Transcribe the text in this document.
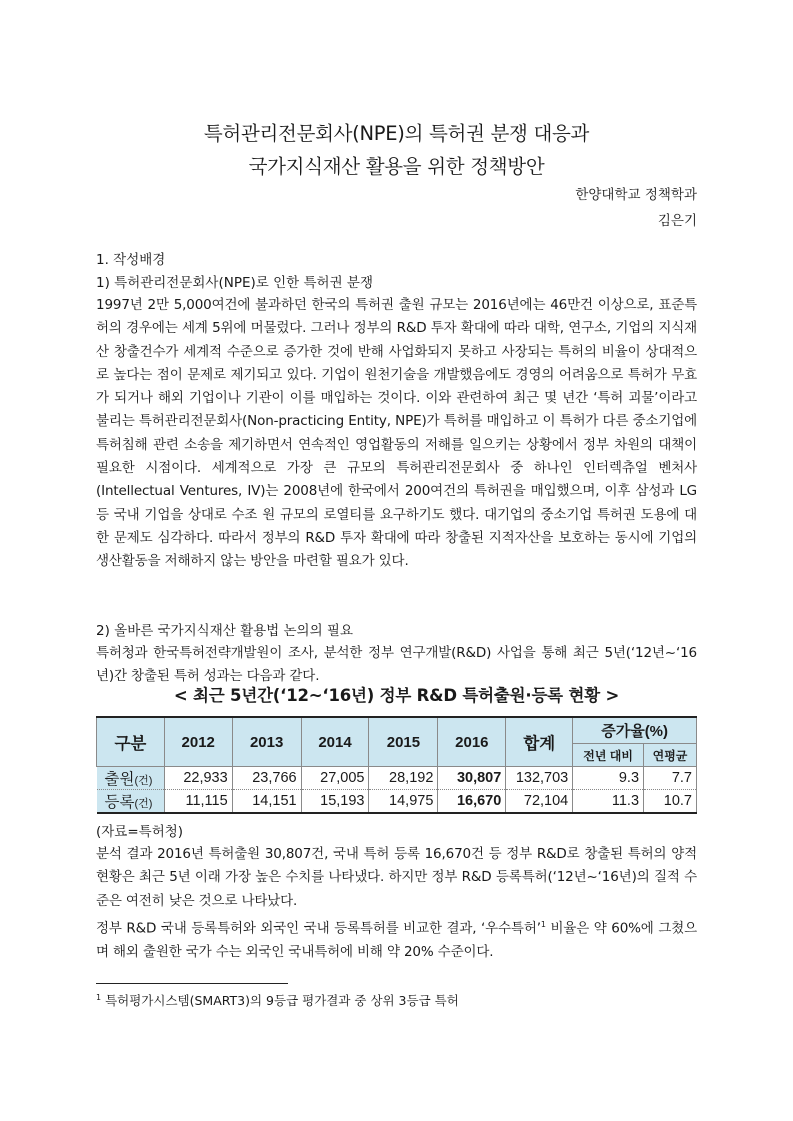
특허관리전문회사(NPE)의 특허권 분쟁 대응과
국가지식재산 활용을 위한 정책방안
한양대학교 정책학과
김은기
1. 작성배경
1) 특허관리전문회사(NPE)로 인한 특허권 분쟁
1997년 2만 5,000여건에 불과하던 한국의 특허권 출원 규모는 2016년에는 46만건 이상으로, 표준특허의 경우에는 세계 5위에 머물렀다. 그러나 정부의 R&D 투자 확대에 따라 대학, 연구소, 기업의 지식재산 창출건수가 세계적 수준으로 증가한 것에 반해 사업화되지 못하고 사장되는 특허의 비율이 상대적으로 높다는 점이 문제로 제기되고 있다. 기업이 원천기술을 개발했음에도 경영의 어려움으로 특허가 무효가 되거나 해외 기업이나 기관이 이를 매입하는 것이다. 이와 관련하여 최근 몇 년간 ‘특허 괴물’이라고 불리는 특허관리전문회사(Non-practicing Entity, NPE)가 특허를 매입하고 이 특허가 다른 중소기업에 특허침해 관련 소송을 제기하면서 연속적인 영업활동의 저해를 일으키는 상황에서 정부 차원의 대책이 필요한 시점이다. 세계적으로 가장 큰 규모의 특허관리전문회사 중 하나인 인터렉츄얼 벤처사(Intellectual Ventures, IV)는 2008년에 한국에서 200여건의 특허권을 매입했으며, 이후 삼성과 LG 등 국내 기업을 상대로 수조 원 규모의 로열티를 요구하기도 했다. 대기업의 중소기업 특허권 도용에 대한 문제도 심각하다. 따라서 정부의 R&D 투자 확대에 따라 창출된 지적자산을 보호하는 동시에 기업의 생산활동을 저해하지 않는 방안을 마련할 필요가 있다.
2) 올바른 국가지식재산 활용법 논의의 필요
특허청과 한국특허전략개발원이 조사, 분석한 정부 연구개발(R&D) 사업을 통해 최근 5년(‘12년~‘16년)간 창출된 특허 성과는 다음과 같다.
< 최근 5년간(‘12~‘16년) 정부 R&D 특허출원·등록 현황 >
구분	2012	2013	2014	2015	2016	합계	증가율(%)	
							전년 대비	연평균
출원(건)	22,933	23,766	27,005	28,192	30,807	132,703	9.3	7.7
등록(건)	11,115	14,151	15,193	14,975	16,670	72,104	11.3	10.7
(자료=특허청)
분석 결과 2016년 특허출원 30,807건, 국내 특허 등록 16,670건 등 정부 R&D로 창출된 특허의 양적 현황은 최근 5년 이래 가장 높은 수치를 나타냈다. 하지만 정부 R&D 등록특허(‘12년~‘16년)의 질적 수준은 여전히 낮은 것으로 나타났다.
정부 R&D 국내 등록특허와 외국인 국내 등록특허를 비교한 결과, ‘우수특허’$^1$ 비율은 약 60%에 그쳤으며 해외 출원한 국가 수는 외국인 국내특허에 비해 약 20% 수준이다.
$^1$ 특허평가시스템(SMART3)의 9등급 평가결과 중 상위 3등급 특허
